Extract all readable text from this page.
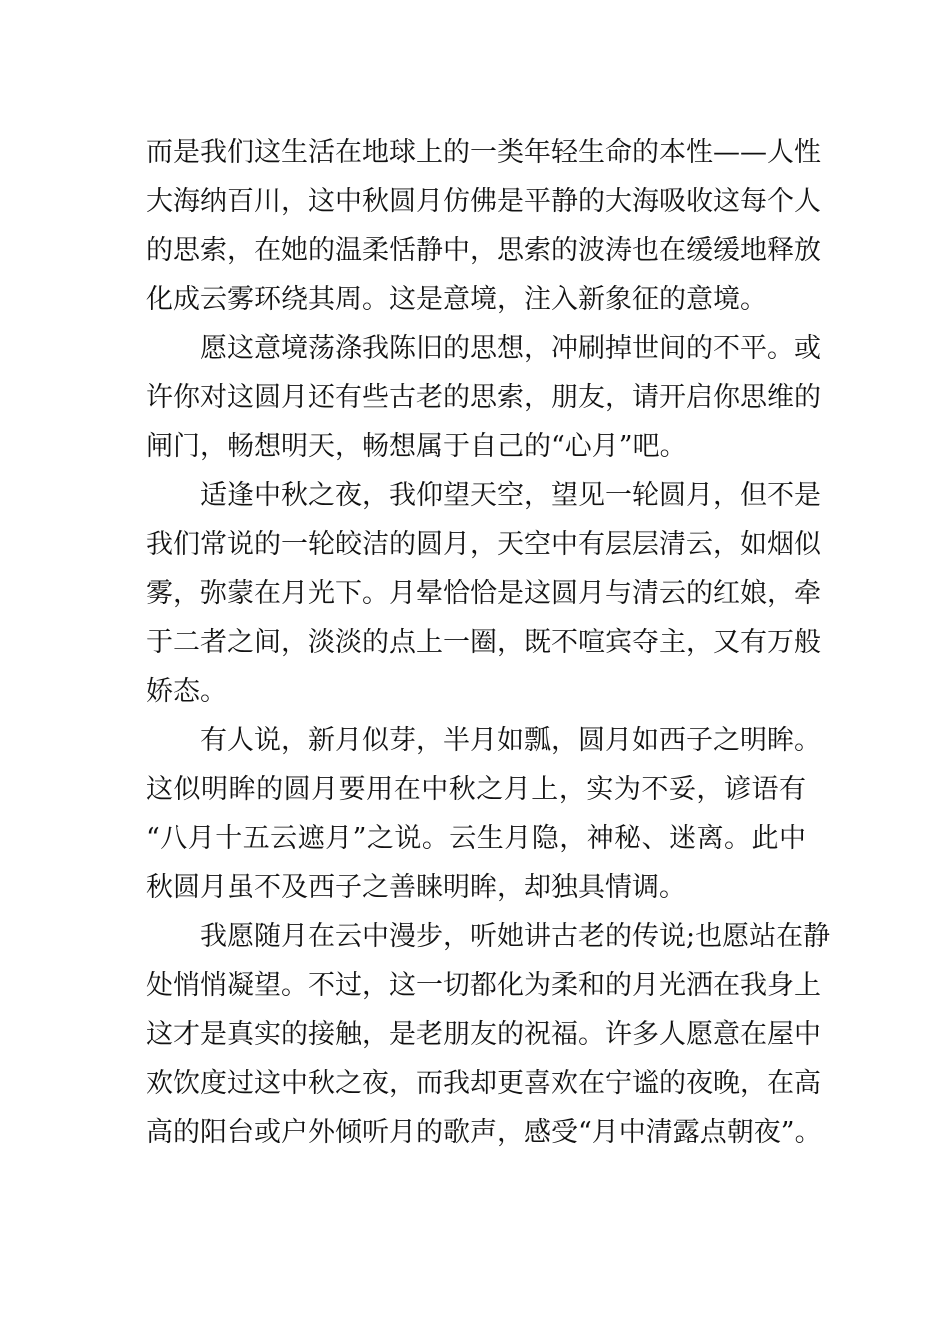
而是我们这生活在地球上的一类年轻生命的本性——人性
大海纳百川，这中秋圆月仿佛是平静的大海吸收这每个人
的思索，在她的温柔恬静中，思索的波涛也在缓缓地释放
化成云雾环绕其周。这是意境，注入新象征的意境。
愿这意境荡涤我陈旧的思想，冲刷掉世间的不平。或
许你对这圆月还有些古老的思索，朋友，请开启你思维的
闸门，畅想明天，畅想属于自己的“心月”吧。
适逢中秋之夜，我仰望天空，望见一轮圆月，但不是
我们常说的一轮皎洁的圆月，天空中有层层清云，如烟似
雾，弥蒙在月光下。月晕恰恰是这圆月与清云的红娘，牵
于二者之间，淡淡的点上一圈，既不喧宾夺主，又有万般
娇态。
有人说，新月似芽，半月如瓢，圆月如西子之明眸。
这似明眸的圆月要用在中秋之月上，实为不妥，谚语有
“八月十五云遮月”之说。云生月隐，神秘、迷离。此中
秋圆月虽不及西子之善睐明眸，却独具情调。
我愿随月在云中漫步，听她讲古老的传说;也愿站在静
处悄悄凝望。不过，这一切都化为柔和的月光洒在我身上
这才是真实的接触，是老朋友的祝福。许多人愿意在屋中
欢饮度过这中秋之夜，而我却更喜欢在宁谧的夜晚，在高
高的阳台或户外倾听月的歌声，感受“月中清露点朝夜”。
